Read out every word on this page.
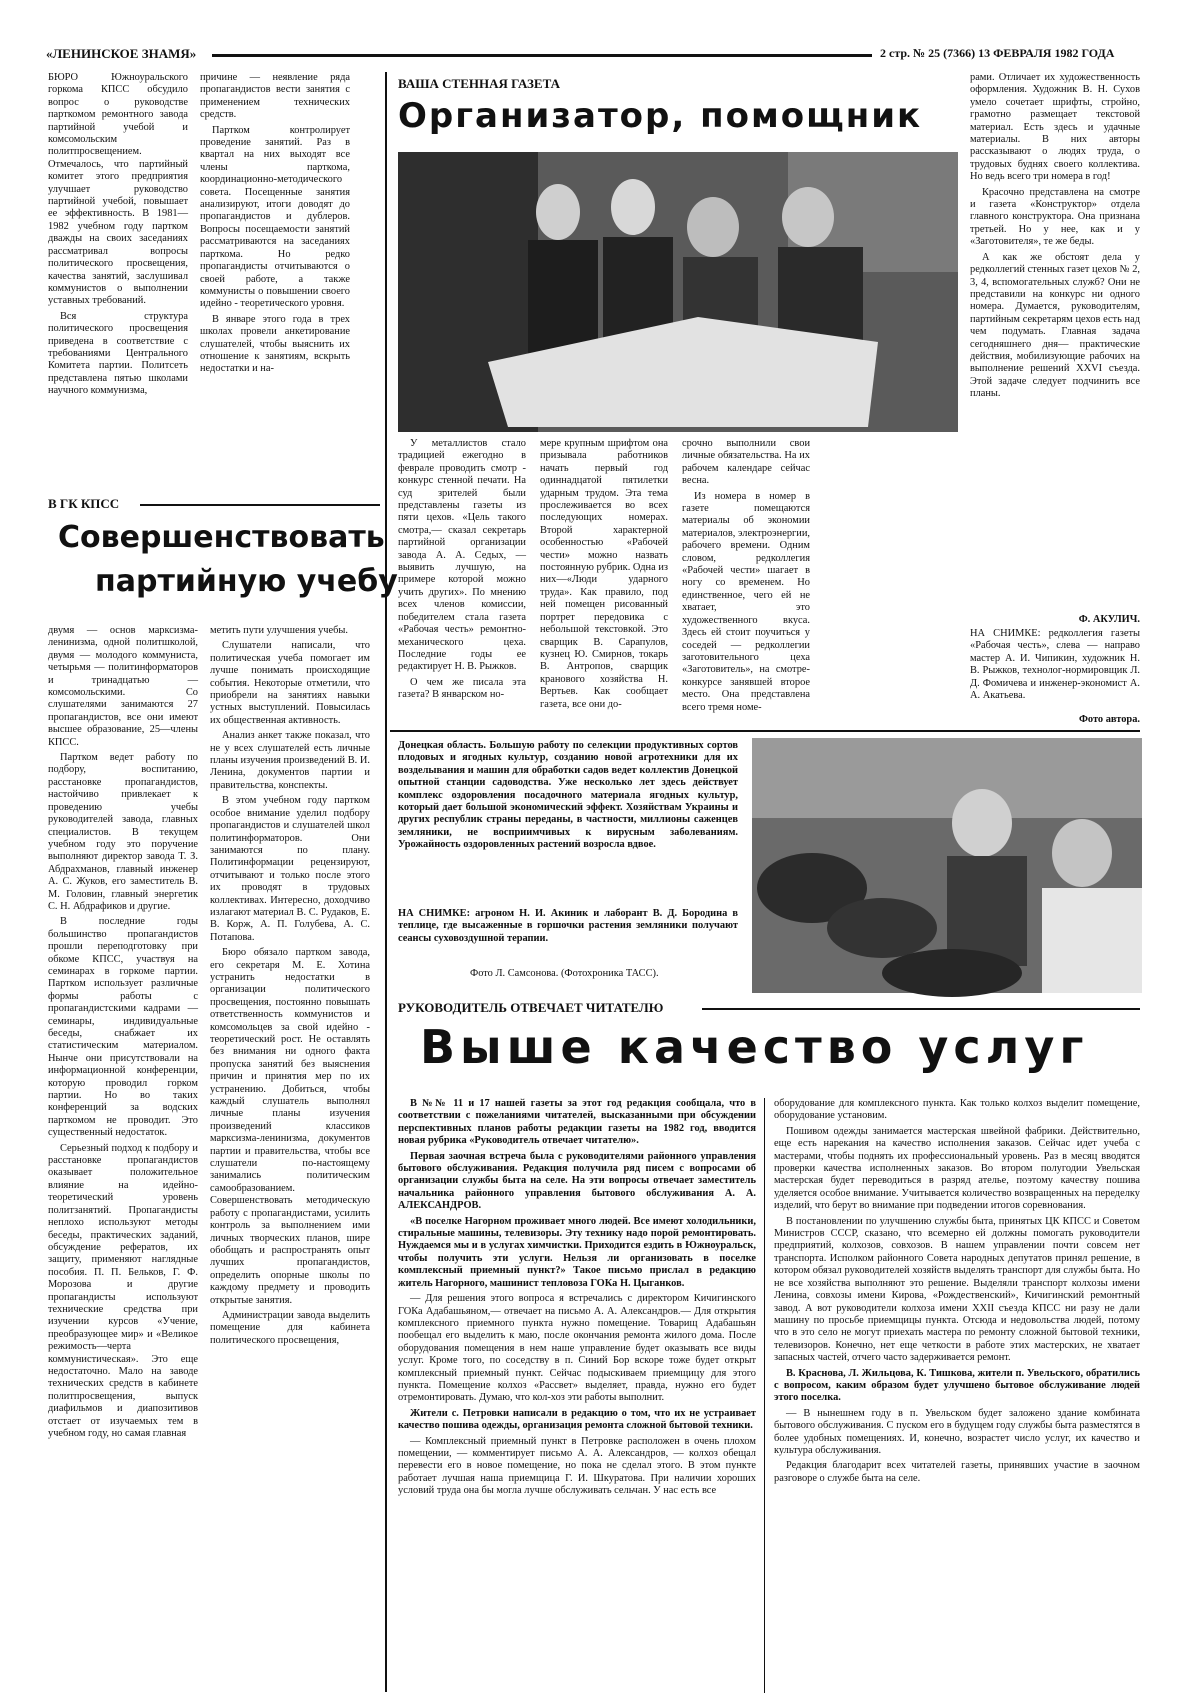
«ЛЕНИНСКОЕ ЗНАМЯ»	2 стр. № 25 (7366) 13 ФЕВРАЛЯ 1982 ГОДА

БЮРО Южноуральского горкома КПСС обсудило вопрос о руководстве парткомом ремонтного завода партийной учебой и комсомольским политпросвещением. Отмечалось, что партийный комитет этого предприятия улучшает руководство партийной учебой, повышает ее эффективность. В 1981—1982 учебном году партком дважды на своих заседаниях рассматривал вопросы политического просвещения, качества занятий, заслушивал коммунистов о выполнении уставных требований.

Вся структура политического просвещения приведена в соответствие с требованиями Центрального Комитета партии. Политсеть представлена пятью школами научного коммунизма,

причине — неявление ряда пропагандистов вести занятия с применением технических средств.

Партком контролирует проведение занятий. Раз в квартал на них выходят все члены парткома, координационно-методического совета. Посещенные занятия анализируют, итоги доводят до пропагандистов и дублеров. Вопросы посещаемости занятий рассматриваются на заседаниях парткома. Но редко пропагандисты отчитываются о своей работе, а также коммунисты о повышении своего идейно - теоретического уровня.

В январе этого года в трех школах провели анкетирование слушателей, чтобы выяснить их отношение к занятиям, вскрыть недостатки и на-

В ГК КПСС
Совершенствовать
партийную учебу

двумя — основ марксизма-ленинизма, одной политшколой, двумя — молодого коммуниста, четырьмя — политинформаторов и тринадцатью — комсомольскими. Со слушателями занимаются 27 пропагандистов, все они имеют высшее образование, 25—члены КПСС.

Партком ведет работу по подбору, воспитанию, расстановке пропагандистов, настойчиво привлекает к проведению учебы руководителей завода, главных специалистов. В текущем учебном году это поручение выполняют директор завода Т. З. Абдрахманов, главный инженер А. С. Жуков, его заместитель В. М. Головин, главный энергетик С. Н. Абдрафиков и другие.

В последние годы большинство пропагандистов прошли переподготовку при обкоме КПСС, участвуя на семинарах в горкоме партии. Партком использует различные формы работы с пропагандистскими кадрами — семинары, индивидуальные беседы, снабжает их статистическим материалом. Нынче они присутствовали на информационной конференции, которую проводил горком партии. Но во таких конференций за водских парткомом не проводит. Это существенный недостаток.

Серьезный подход к подбору и расстановке пропагандистов оказывает положительное влияние на идейно-теоретический уровень политзанятий. Пропагандисты неплохо используют методы беседы, практических заданий, обсуждение рефератов, их защиту, применяют наглядные пособия. П. П. Бельков, Г. Ф. Морозова и другие пропагандисты используют технические средства при изучении курсов «Учение, преобразующее мир» и «Великое режимость—черта коммунистическая». Это еще недостаточно. Мало на заводе технических средств в кабинете политпросвещения, выпуск диафильмов и диапозитивов отстает от изучаемых тем в учебном году, но самая главная

метить пути улучшения учебы.

Слушатели написали, что политическая учеба помогает им лучше понимать происходящие события. Некоторые отметили, что приобрели на занятиях навыки устных выступлений. Повысилась их общественная активность.

Анализ анкет также показал, что не у всех слушателей есть личные планы изучения произведений В. И. Ленина, документов партии и правительства, конспекты.

В этом учебном году партком особое внимание уделил подбору пропагандистов и слушателей школ политинформаторов. Они занимаются по плану. Политинформации рецензируют, отчитывают и только после этого их проводят в трудовых коллективах. Интересно, доходчиво излагают материал В. С. Рудаков, Е. В. Корж, А. П. Голубева, А. С. Потапова.

Бюро обязало партком завода, его секретаря М. Е. Хотина устранить недостатки в организации политического просвещения, постоянно повышать ответственность коммунистов и комсомольцев за свой идейно - теоретический рост. Не оставлять без внимания ни одного факта пропуска занятий без выяснения причин и принятия мер по их устранению. Добиться, чтобы каждый слушатель выполнял личные планы изучения произведений классиков марксизма-ленинизма, документов партии и правительства, чтобы все слушатели по-настоящему занимались политическим самообразованием. Совершенствовать методическую работу с пропагандистами, усилить контроль за выполнением ими личных творческих планов, шире обобщать и распространять опыт лучших пропагандистов, определить опорные школы по каждому предмету и проводить открытые занятия.

Администрации завода выделить помещение для кабинета политического просвещения,

ВАША СТЕННАЯ ГАЗЕТА
Организатор, помощник

У металлистов стало традицией ежегодно в феврале проводить смотр - конкурс стенной печати. На суд зрителей были представлены газеты из пяти цехов. «Цель такого смотра,— сказал секретарь партийной организации завода А. А. Седых, — выявить лучшую, на примере которой можно учить других». По мнению всех членов комиссии, победителем стала газета «Рабочая честь» ремонтно- механического цеха. Последние годы ее редактирует Н. В. Рыжков.

О чем же писала эта газета? В январском но-

мере крупным шрифтом она призывала работников начать первый год одиннадцатой пятилетки ударным трудом. Эта тема прослеживается во всех последующих номерах. Второй характерной особенностью «Рабочей чести» можно назвать постоянную рубрик. Одна из них—«Люди ударного труда». Как правило, под ней помещен рисованный портрет передовика с небольшой текстовкой. Это сварщик В. Сарапулов, кузнец Ю. Смирнов, токарь В. Антропов, сварщик кранового хозяйства Н. Вертьев. Как сообщает газета, все они до-

срочно выполнили свои личные обязательства. На их рабочем календаре сейчас весна.

Из номера в номер в газете помещаются материалы об экономии материалов, электроэнергии, рабочего времени. Одним словом, редколлегия «Рабочей чести» шагает в ногу со временем. Но единственное, чего ей не хватает, это художественного вкуса. Здесь ей стоит поучиться у соседей — редколлегии заготовительного цеха «Заготовитель», на смотре-конкурсе занявшей второе место. Она представлена всего тремя номе-

рами. Отличает их художественность оформления. Художник В. Н. Сухов умело сочетает шрифты, стройно, грамотно размещает текстовой материал. Есть здесь и удачные материалы. В них авторы рассказывают о людях труда, о трудовых буднях своего коллектива. Но ведь всего три номера в год!

Красочно представлена на смотре и газета «Конструктор» отдела главного конструктора. Она признана третьей. Но у нее, как и у «Заготовителя», те же беды.

А как же обстоят дела у редколлегий стенных газет цехов № 2, 3, 4, вспомогательных служб? Они не представили на конкурс ни одного номера. Думается, руководителям, партийным секретарям цехов есть над чем подумать. Главная задача сегодняшнего дня— практические действия, мобилизующие рабочих на выполнение решений XXVI съезда. Этой задаче следует подчинить все планы.

Ф. АКУЛИЧ.
НА СНИМКЕ: редколлегия газеты «Рабочая честь», слева — направо мастер А. И. Чипикин, художник Н. В. Рыжков, технолог-нормировщик Л. Д. Фомичева и инженер-экономист А. А. Акатьева.
Фото автора.
Донецкая область. Большую работу по селекции продуктивных сортов плодовых и ягодных культур, созданию новой агротехники для их возделывания и машин для обработки садов ведет коллектив Донецкой опытной станции садоводства. Уже несколько лет здесь действует комплекс оздоровления посадочного материала ягодных культур, который дает большой экономический эффект. Хозяйствам Украины и других республик страны переданы, в частности, миллионы саженцев земляники, не восприимчивых к вирусным заболеваниям. Урожайность оздоровленных растений возросла вдвое.
НА СНИМКЕ: агроном Н. И. Акиник и лаборант В. Д. Бородина в теплице, где высаженные в горшочки растения земляники получают сеансы суховоздушной терапии.
Фото Л. Самсонова. (Фотохроника ТАСС).
РУКОВОДИТЕЛЬ ОТВЕЧАЕТ ЧИТАТЕЛЮ
Выше качество услуг

В №№ 11 и 17 нашей газеты за этот год редакция сообщала, что в соответствии с пожеланиями читателей, высказанными при обсуждении перспективных планов работы редакции газеты на 1982 год, вводится новая рубрика «Руководитель отвечает читателю».

Первая заочная встреча была с руководителями районного управления бытового обслуживания. Редакция получила ряд писем с вопросами об организации службы быта на селе. На эти вопросы отвечает заместитель начальника районного управления бытового обслуживания А. А. АЛЕКСАНДРОВ.

«В поселке Нагорном проживает много людей. Все имеют холодильники, стиральные машины, телевизоры. Эту технику надо порой ремонтировать. Нуждаемся мы и в услугах химчистки. Приходится ездить в Южноуральск, чтобы получить эти услуги. Нельзя ли организовать в поселке комплексный приемный пункт?» Такое письмо прислал в редакцию житель Нагорного, машинист тепловоза ГОКа Н. Цыганков.

— Для решения этого вопроса я встречались с директором Кичигинского ГОКа Адабашьяном,— отвечает на письмо А. А. Александров.— Для открытия комплексного приемного пункта нужно помещение. Товарищ Адабашьян пообещал его выделить к маю, после окончания ремонта жилого дома. После оборудования помещения в нем наше управление будет оказывать все виды услуг. Кроме того, по соседству в п. Синий Бор вскоре тоже будет открыт комплексный приемный пункт. Сейчас подыскиваем приемщицу для этого пункта. Помещение колхоз «Рассвет» выделяет, правда, нужно его будет отремонтировать. Думаю, что кол-хоз эти работы выполнит.

Жители с. Петровки написали в редакцию о том, что их не устраивает качество пошива одежды, организация ремонта сложной бытовой техники.

— Комплексный приемный пункт в Петровке расположен в очень плохом помещении, — комментирует письмо А. А. Александров, — колхоз обещал перевести его в новое помещение, но пока не сделал этого. В этом пункте работает лучшая наша приемщица Г. И. Шкуратова. При наличии хороших условий труда она бы могла лучше обслуживать сельчан. У нас есть все

оборудование для комплексного пункта. Как только колхоз выделит помещение, оборудование установим.

Пошивом одежды занимается мастерская швейной фабрики. Действительно, еще есть нарекания на качество исполнения заказов. Сейчас идет учеба с мастерами, чтобы поднять их профессиональный уровень. Раз в месяц вводятся проверки качества исполненных заказов. Во втором полугодии Увельская мастерская будет переводиться в разряд ателье, поэтому качеству пошива уделяется особое внимание. Учитывается количество возвращенных на переделку изделий, что берут во внимание при подведении итогов соревнования.

В постановлении по улучшению службы быта, принятых ЦК КПСС и Советом Министров СССР, сказано, что всемерно ей должны помогать руководители предприятий, колхозов, совхозов. В нашем управлении почти совсем нет транспорта. Исполком районного Совета народных депутатов принял решение, в котором обязал руководителей хозяйств выделять транспорт для службы быта. Но не все хозяйства выполняют это решение. Выделяли транспорт колхозы имени Ленина, совхозы имени Кирова, «Рождественский», Кичигинский ремонтный завод. А вот руководители колхоза имени XXII съезда КПСС ни разу не дали машину по просьбе приемщицы пункта. Отсюда и недовольства людей, потому что в это село не могут приехать мастера по ремонту сложной бытовой техники, телевизоров. Конечно, нет еще четкости в работе этих мастерских, не хватает запасных частей, отчего часто задерживается ремонт.

В. Краснова, Л. Жильцова, К. Тишкова, жители п. Увельского, обратились с вопросом, каким образом будет улучшено бытовое обслуживание людей этого поселка.

— В нынешнем году в п. Увельском будет заложено здание комбината бытового обслуживания. С пуском его в будущем году службы быта разместятся в более удобных помещениях. И, конечно, возрастет число услуг, их качество и культура обслуживания.

Редакция благодарит всех читателей газеты, принявших участие в заочном разговоре о службе быта на селе.
